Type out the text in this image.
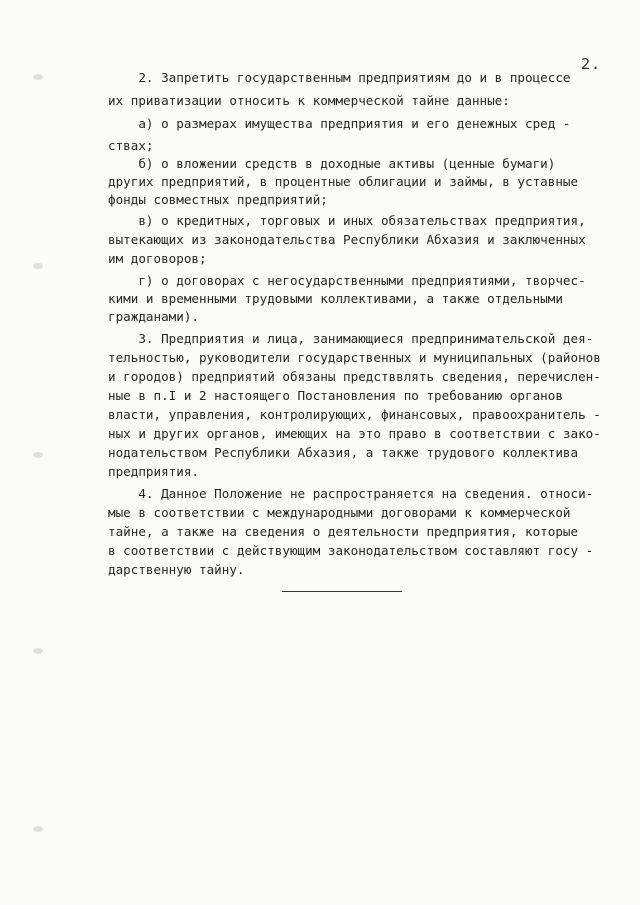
2.
2. Запретить государственным предприятиям до и в процессе
их приватизации относить к коммерческой тайне данные:
а) о размерах имущества предприятия и его денежных сред -
ствах;
б) о вложении средств в доходные активы (ценные бумаги)
других предприятий, в процентные облигации и займы, в уставные
фонды совместных предприятий;
в) о кредитных, торговых и иных обязательствах предприятия,
вытекающих из законодательства Республики Абхазия и заключенных
им договоров;
г) о договорах с негосударственными предприятиями, творчес-
кими и временными трудовыми коллективами, а также отдельными
гражданами).
3. Предприятия и лица, занимающиеся предпринимательской дея-
тельностью, руководители государственных и муниципальных (районов
и городов) предприятий обязаны предстввлять сведения, перечислен-
ные в п.I и 2 настоящего Постановления по требованию органов
власти, управления, контролирующих, финансовых, правоохранитель -
ных и других органов, имеющих на это право в соответствии с зако-
нодательством Республики Абхазия, а также трудового коллектива
предприятия.
4. Данное Положение не распространяется на сведения. относи-
мые в соответствии с международными договорами к коммерческой
тайне, а также на сведения о деятельности предприятия, которые
в соответствии с действующим законодательством составляют госу -
дарственную тайну.
